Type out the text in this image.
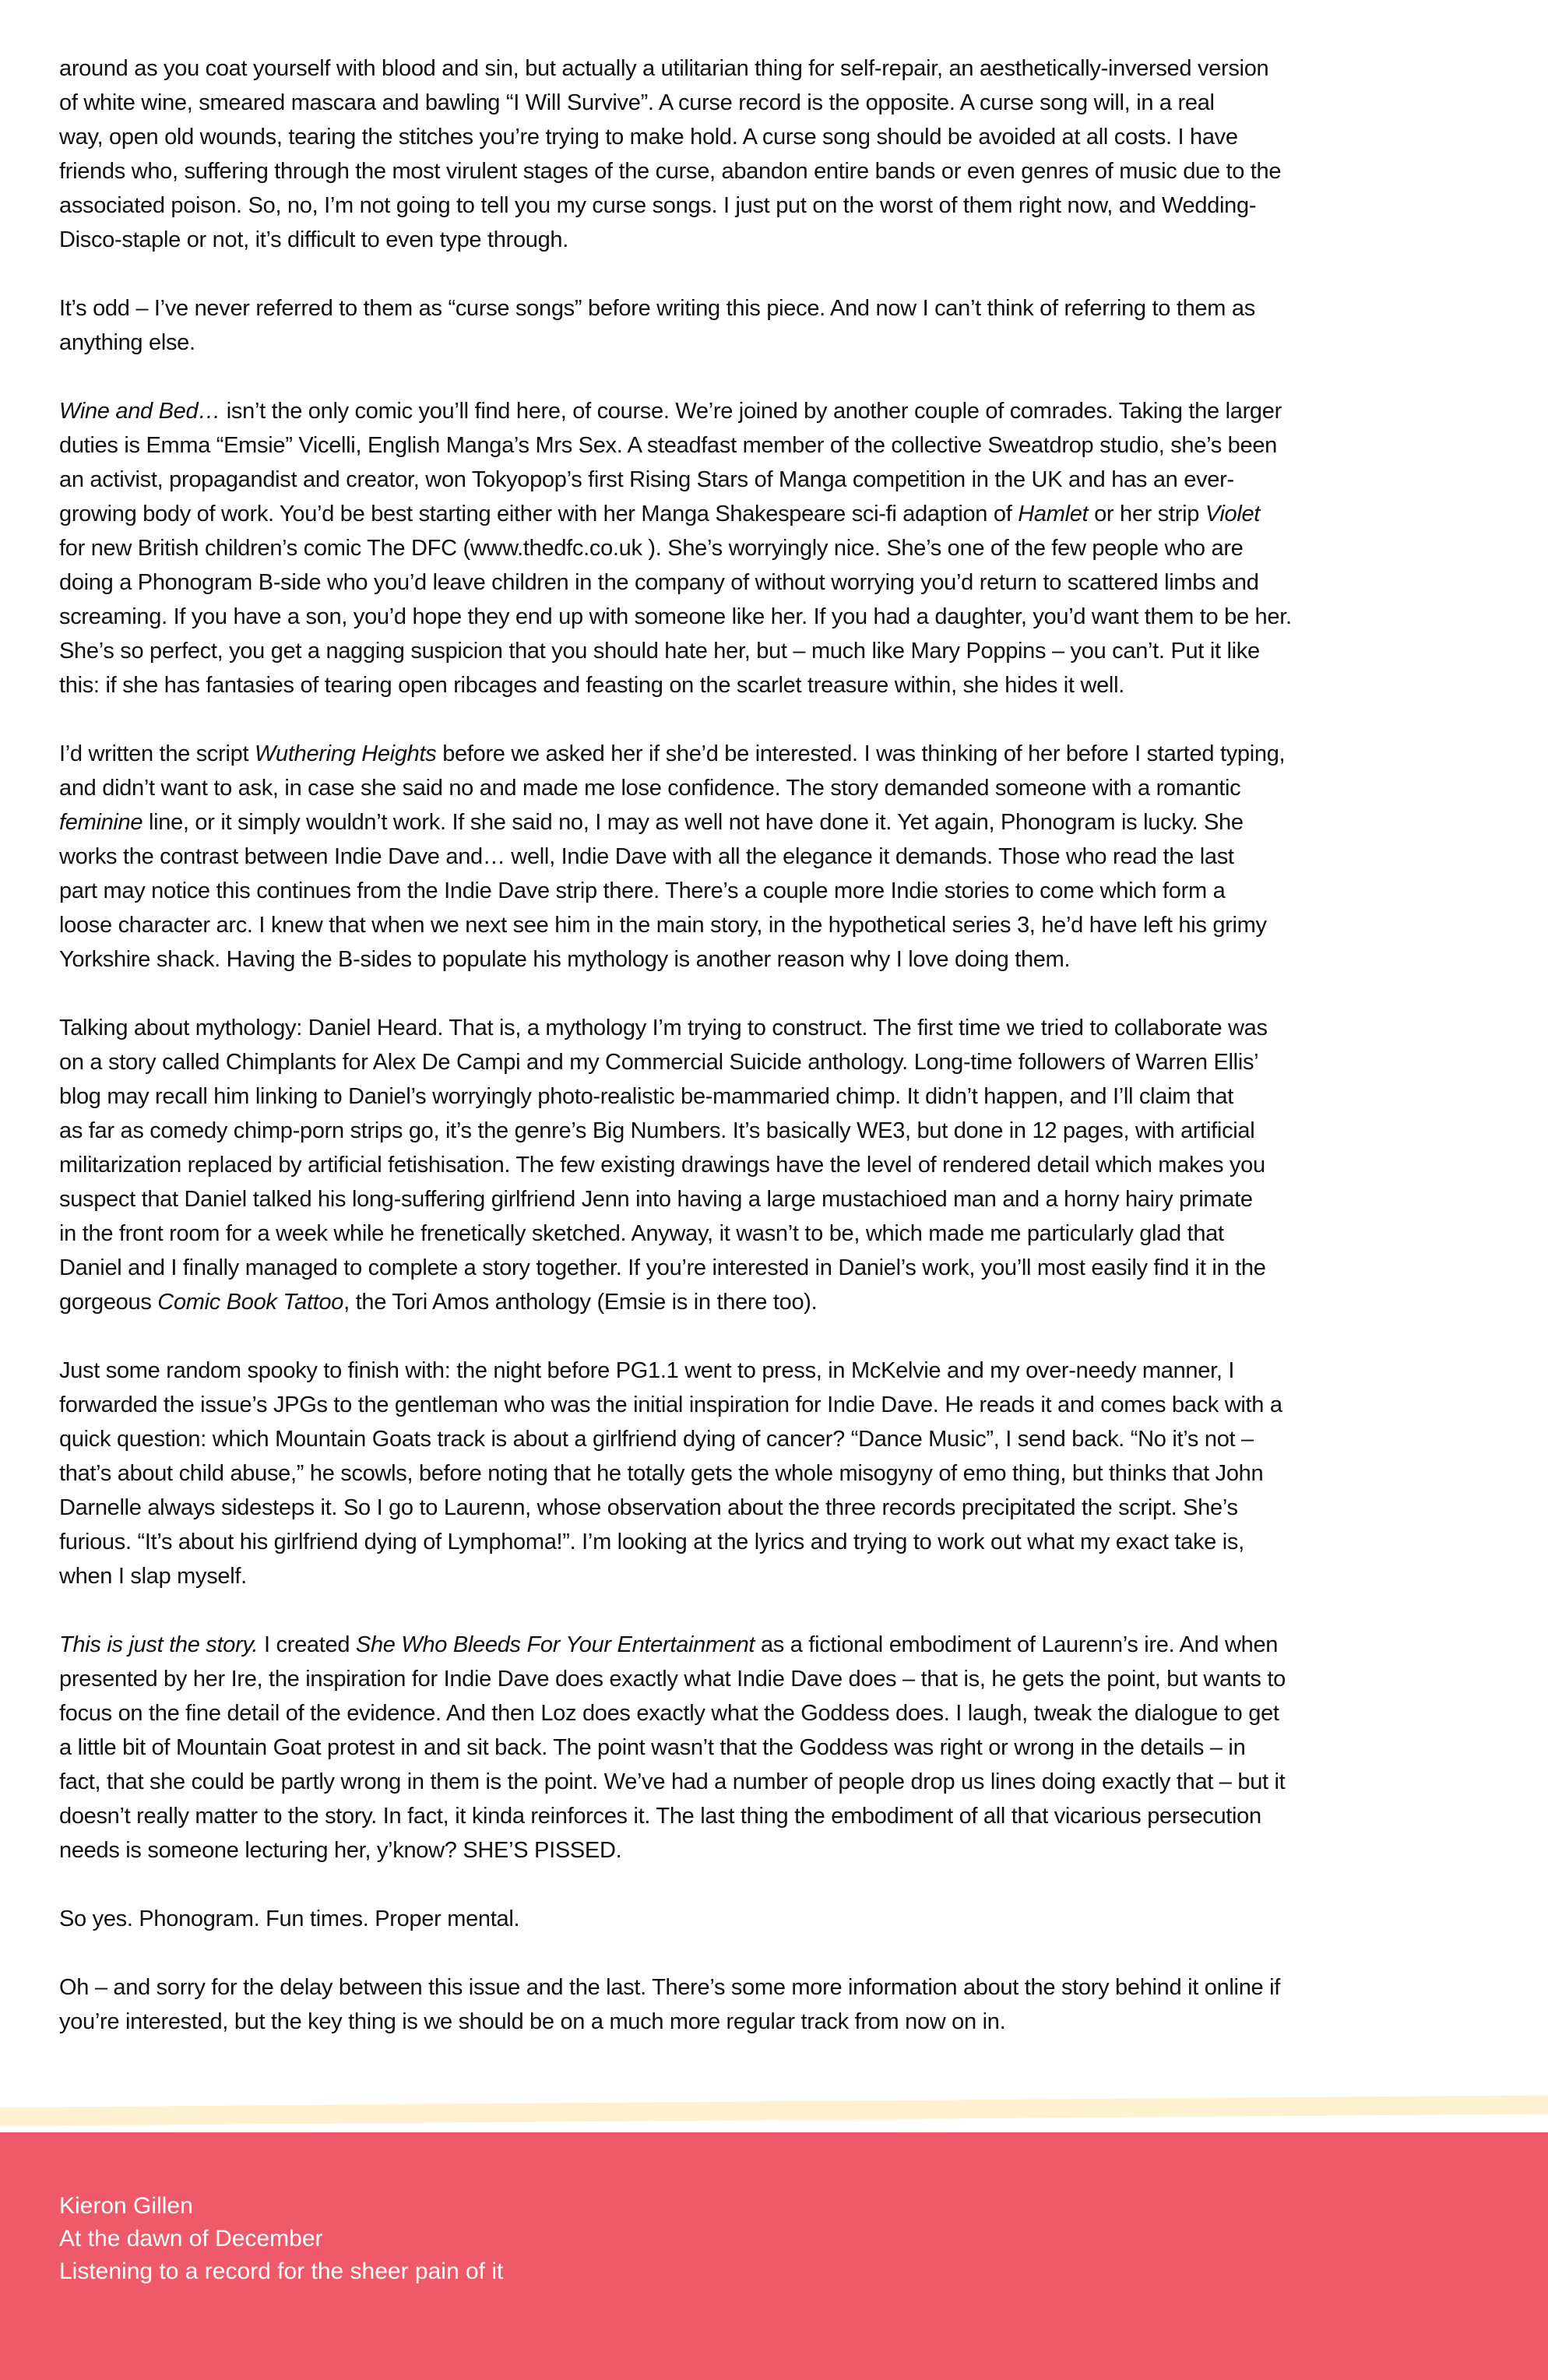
around as you coat yourself with blood and sin, but actually a utilitarian thing for self-repair, an aesthetically-inversed version
of white wine, smeared mascara and bawling “I Will Survive”. A curse record is the opposite. A curse song will, in a real
way, open old wounds, tearing the stitches you’re trying to make hold. A curse song should be avoided at all costs. I have
friends who, suffering through the most virulent stages of the curse, abandon entire bands or even genres of music due to the
associated poison. So, no, I’m not going to tell you my curse songs. I just put on the worst of them right now, and Wedding-
Disco-staple or not, it’s difficult to even type through.

It’s odd – I’ve never referred to them as “curse songs” before writing this piece. And now I can’t think of referring to them as
anything else.

Wine and Bed… isn’t the only comic you’ll find here, of course. We’re joined by another couple of comrades. Taking the larger
duties is Emma “Emsie” Vicelli, English Manga’s Mrs Sex. A steadfast member of the collective Sweatdrop studio, she’s been
an activist, propagandist and creator, won Tokyopop’s first Rising Stars of Manga competition in the UK and has an ever-
growing body of work. You’d be best starting either with her Manga Shakespeare sci-fi adaption of Hamlet or her strip Violet
for new British children’s comic The DFC (www.thedfc.co.uk ). She’s worryingly nice. She’s one of the few people who are
doing a Phonogram B-side who you’d leave children in the company of without worrying you’d return to scattered limbs and
screaming. If you have a son, you’d hope they end up with someone like her. If you had a daughter, you’d want them to be her.
She’s so perfect, you get a nagging suspicion that you should hate her, but – much like Mary Poppins – you can’t. Put it like
this: if she has fantasies of tearing open ribcages and feasting on the scarlet treasure within, she hides it well.

I’d written the script Wuthering Heights before we asked her if she’d be interested. I was thinking of her before I started typing,
and didn’t want to ask, in case she said no and made me lose confidence. The story demanded someone with a romantic
feminine line, or it simply wouldn’t work. If she said no, I may as well not have done it. Yet again, Phonogram is lucky. She
works the contrast between Indie Dave and… well, Indie Dave with all the elegance it demands. Those who read the last
part may notice this continues from the Indie Dave strip there. There’s a couple more Indie stories to come which form a
loose character arc. I knew that when we next see him in the main story, in the hypothetical series 3, he’d have left his grimy
Yorkshire shack. Having the B-sides to populate his mythology is another reason why I love doing them.

Talking about mythology: Daniel Heard. That is, a mythology I’m trying to construct. The first time we tried to collaborate was
on a story called Chimplants for Alex De Campi and my Commercial Suicide anthology. Long-time followers of Warren Ellis’
blog may recall him linking to Daniel’s worryingly photo-realistic be-mammaried chimp. It didn’t happen, and I’ll claim that
as far as comedy chimp-porn strips go, it’s the genre’s Big Numbers. It’s basically WE3, but done in 12 pages, with artificial
militarization replaced by artificial fetishisation. The few existing drawings have the level of rendered detail which makes you
suspect that Daniel talked his long-suffering girlfriend Jenn into having a large mustachioed man and a horny hairy primate
in the front room for a week while he frenetically sketched. Anyway, it wasn’t to be, which made me particularly glad that
Daniel and I finally managed to complete a story together. If you’re interested in Daniel’s work, you’ll most easily find it in the
gorgeous Comic Book Tattoo, the Tori Amos anthology (Emsie is in there too).

Just some random spooky to finish with: the night before PG1.1 went to press, in McKelvie and my over-needy manner, I
forwarded the issue’s JPGs to the gentleman who was the initial inspiration for Indie Dave. He reads it and comes back with a
quick question: which Mountain Goats track is about a girlfriend dying of cancer? “Dance Music”, I send back. “No it’s not –
that’s about child abuse,” he scowls, before noting that he totally gets the whole misogyny of emo thing, but thinks that John
Darnelle always sidesteps it. So I go to Laurenn, whose observation about the three records precipitated the script. She’s
furious. “It’s about his girlfriend dying of Lymphoma!”. I’m looking at the lyrics and trying to work out what my exact take is,
when I slap myself.

This is just the story. I created She Who Bleeds For Your Entertainment as a fictional embodiment of Laurenn’s ire. And when
presented by her Ire, the inspiration for Indie Dave does exactly what Indie Dave does – that is, he gets the point, but wants to
focus on the fine detail of the evidence. And then Loz does exactly what the Goddess does. I laugh, tweak the dialogue to get
a little bit of Mountain Goat protest in and sit back. The point wasn’t that the Goddess was right or wrong in the details – in
fact, that she could be partly wrong in them is the point. We’ve had a number of people drop us lines doing exactly that – but it
doesn’t really matter to the story. In fact, it kinda reinforces it. The last thing the embodiment of all that vicarious persecution
needs is someone lecturing her, y’know? SHE’S PISSED.

So yes. Phonogram. Fun times. Proper mental.

Oh – and sorry for the delay between this issue and the last. There’s some more information about the story behind it online if
you’re interested, but the key thing is we should be on a much more regular track from now on in.

Kieron Gillen
At the dawn of December
Listening to a record for the sheer pain of it
